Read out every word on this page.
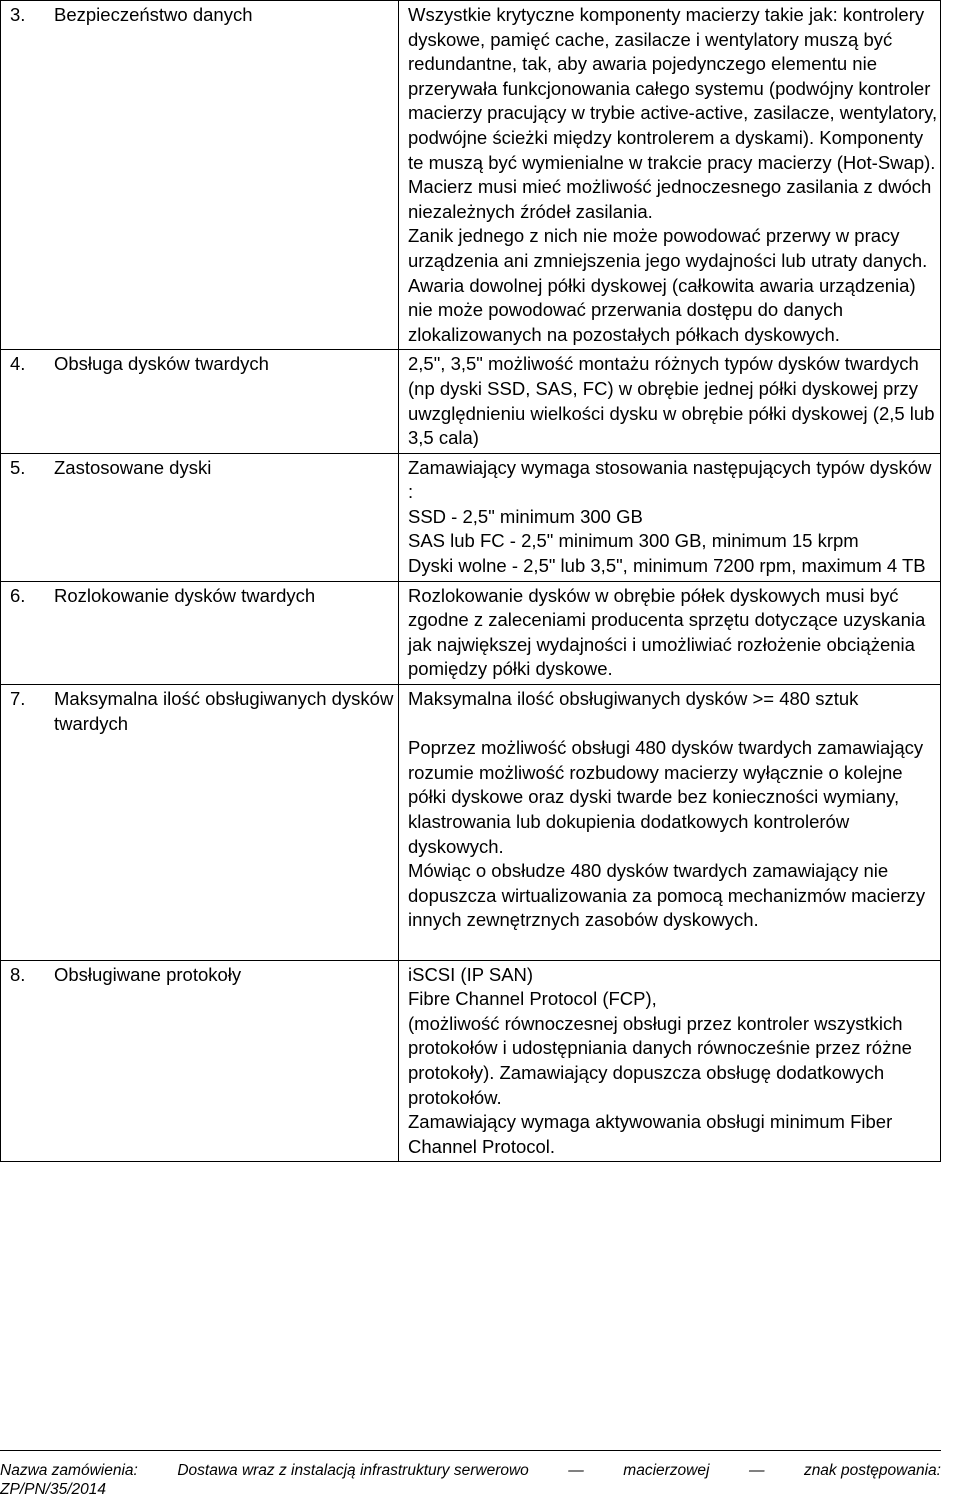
3. Bezpieczeństwo danych	Wszystkie krytyczne komponenty macierzy takie jak: kontrolery dyskowe, pamięć cache, zasilacze i wentylatory muszą być redundantne, tak, aby awaria pojedynczego elementu nie przerywała funkcjonowania całego systemu (podwójny kontroler macierzy pracujący w trybie active-active, zasilacze, wentylatory, podwójne ścieżki między kontrolerem a dyskami). Komponenty te muszą być wymienialne w trakcie pracy macierzy (Hot-Swap).
Macierz musi mieć możliwość jednoczesnego zasilania z dwóch niezależnych źródeł zasilania.
Zanik jednego z nich nie może powodować przerwy w pracy urządzenia ani zmniejszenia jego wydajności lub utraty danych.
Awaria dowolnej półki dyskowej (całkowita awaria urządzenia) nie może powodować przerwania dostępu do danych zlokalizowanych na pozostałych półkach dyskowych.

4. Obsługa dysków twardych	2,5", 3,5" możliwość montażu różnych typów dysków twardych (np dyski SSD, SAS, FC) w obrębie jednej półki dyskowej przy uwzględnieniu wielkości dysku w obrębie półki dyskowej (2,5 lub 3,5 cala)

5. Zastosowane dyski	Zamawiający wymaga stosowania następujących typów dysków :
SSD - 2,5" minimum 300 GB
SAS lub FC - 2,5" minimum 300 GB, minimum 15 krpm
Dyski wolne - 2,5" lub 3,5", minimum 7200 rpm, maximum 4 TB

6. Rozlokowanie dysków twardych	Rozlokowanie dysków w obrębie półek dyskowych musi być zgodne z zaleceniami producenta sprzętu dotyczące uzyskania jak największej wydajności i umożliwiać rozłożenie obciążenia pomiędzy półki dyskowe.

7. Maksymalna ilość obsługiwanych dysków twardych	Maksymalna ilość obsługiwanych dysków >= 480 sztuk
Poprzez możliwość obsługi 480 dysków twardych zamawiający rozumie możliwość rozbudowy macierzy wyłącznie o kolejne półki dyskowe oraz dyski twarde bez konieczności wymiany, klastrowania lub dokupienia dodatkowych kontrolerów dyskowych.
Mówiąc o obsłudze 480 dysków twardych zamawiający nie dopuszcza wirtualizowania za pomocą mechanizmów macierzy innych zewnętrznych zasobów dyskowych.

8. Obsługiwane protokoły	iSCSI (IP SAN)
Fibre Channel Protocol (FCP),
(możliwość równoczesnej obsługi przez kontroler wszystkich protokołów i udostępniania danych równocześnie przez różne protokoły). Zamawiający dopuszcza obsługę dodatkowych protokołów.
Zamawiający wymaga aktywowania obsługi minimum Fiber Channel Protocol.
Nazwa zamówienia:	Dostawa wraz z instalacją infrastruktury serwerowo	—	macierzowej	—	znak postępowania:
ZP/PN/35/2014
